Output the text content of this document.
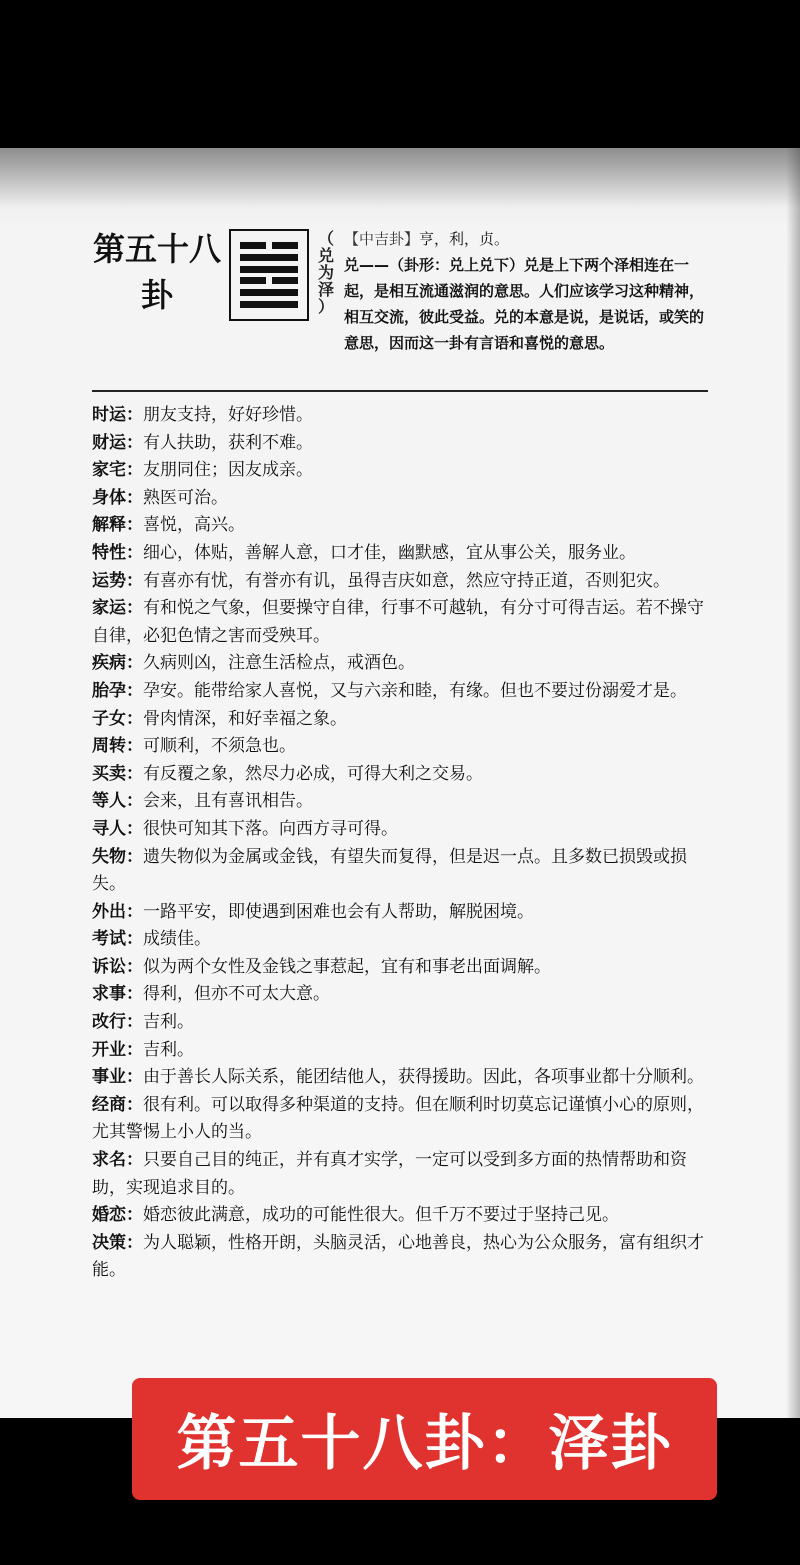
第五十八
卦
（
兑
为
泽
）
【中吉卦】亨，利，贞。
兑——（卦形：兑上兑下）兑是上下两个泽相连在一起，是相互流通滋润的意思。人们应该学习这种精神，相互交流，彼此受益。兑的本意是说，是说话，或笑的意思，因而这一卦有言语和喜悦的意思。

时运：朋友支持，好好珍惜。

财运：有人扶助，获利不难。

家宅：友朋同住；因友成亲。

身体：熟医可治。

解释：喜悦，高兴。

特性：细心，体贴，善解人意，口才佳，幽默感，宜从事公关，服务业。

运势：有喜亦有忧，有誉亦有讥，虽得吉庆如意，然应守持正道，否则犯灾。

家运：有和悦之气象，但要操守自律，行事不可越轨，有分寸可得吉运。若不操守自律，必犯色情之害而受殃耳。

疾病：久病则凶，注意生活检点，戒酒色。

胎孕：孕安。能带给家人喜悦，又与六亲和睦，有缘。但也不要过份溺爱才是。

子女：骨肉情深，和好幸福之象。

周转：可顺利，不须急也。

买卖：有反覆之象，然尽力必成，可得大利之交易。

等人：会来，且有喜讯相告。

寻人：很快可知其下落。向西方寻可得。

失物：遗失物似为金属或金钱，有望失而复得，但是迟一点。且多数已损毁或损失。

外出：一路平安，即使遇到困难也会有人帮助，解脱困境。

考试：成绩佳。

诉讼：似为两个女性及金钱之事惹起，宜有和事老出面调解。

求事：得利，但亦不可太大意。

改行：吉利。

开业：吉利。

事业：由于善长人际关系，能团结他人，获得援助。因此，各项事业都十分顺利。

经商：很有利。可以取得多种渠道的支持。但在顺利时切莫忘记谨慎小心的原则，尤其警惕上小人的当。

求名：只要自己目的纯正，并有真才实学，一定可以受到多方面的热情帮助和资助，实现追求目的。

婚恋：婚恋彼此满意，成功的可能性很大。但千万不要过于坚持己见。

决策：为人聪颖，性格开朗，头脑灵活，心地善良，热心为公众服务，富有组织才能。

第五十八卦：泽卦
